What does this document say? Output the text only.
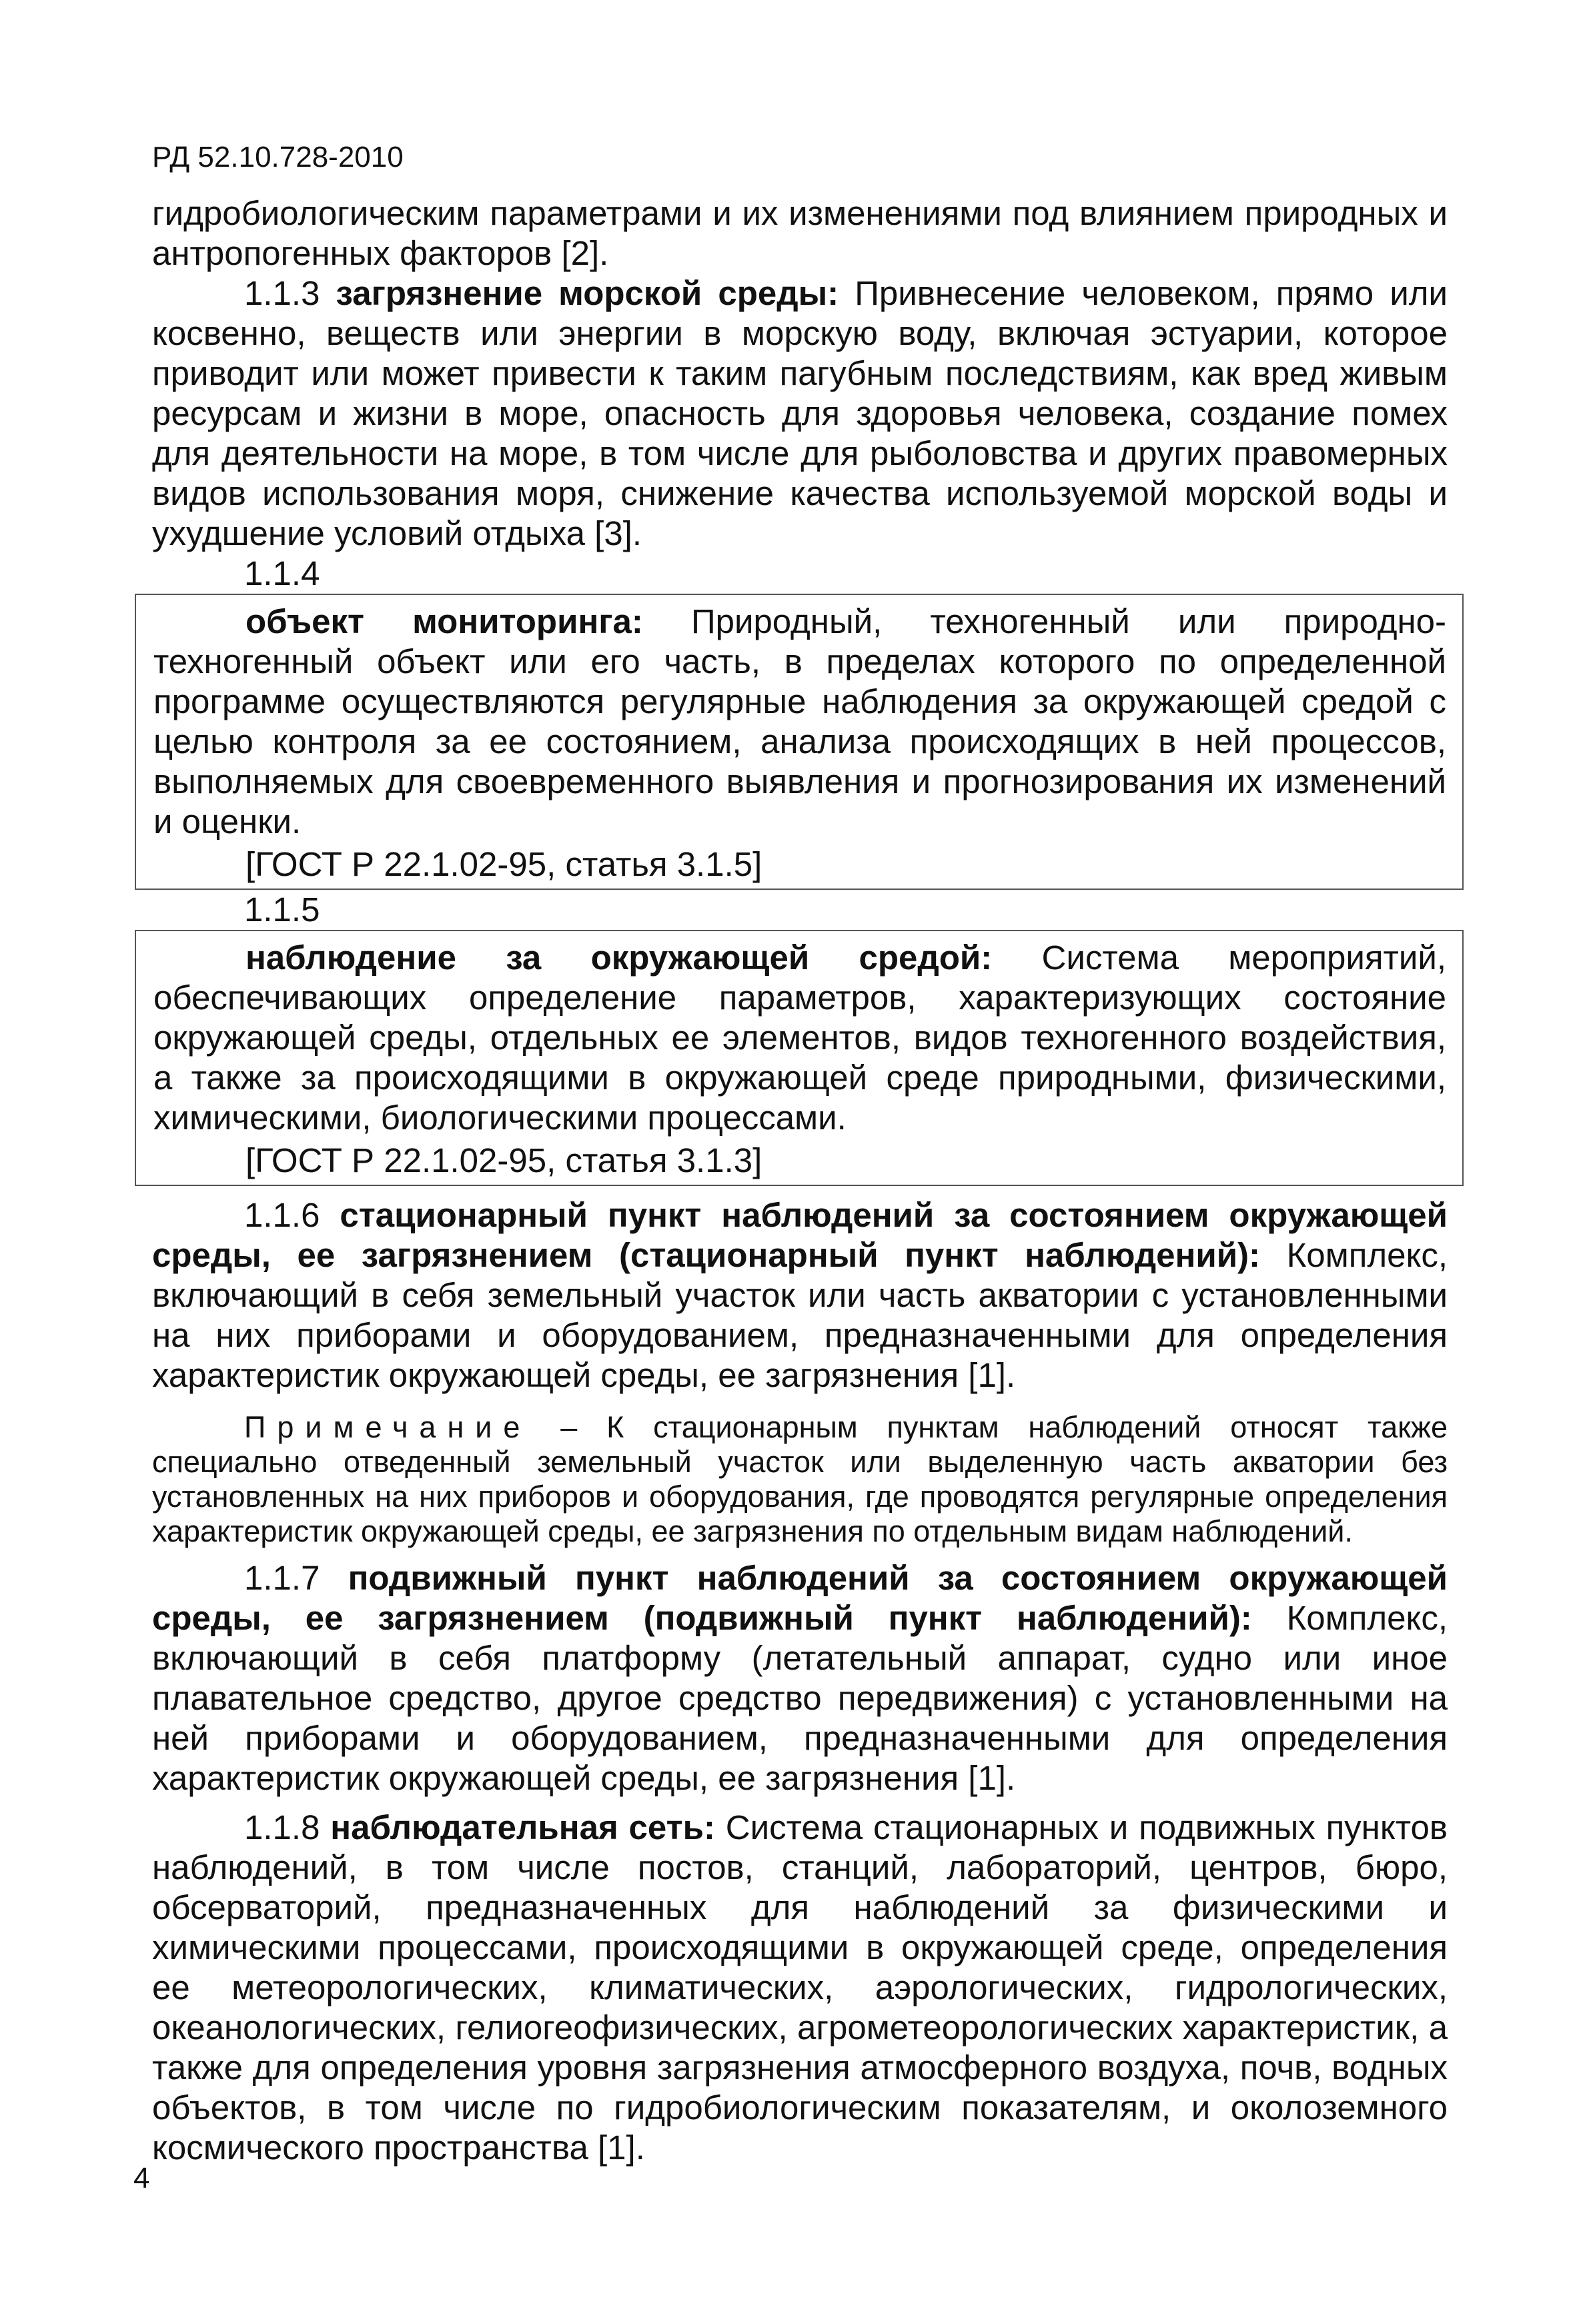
РД 52.10.728-2010

гидробиологическим параметрами и их изменениями под влиянием природных и антропогенных факторов [2].

1.1.3 загрязнение морской среды: Привнесение человеком, прямо или косвенно, веществ или энергии в морскую воду, включая эстуарии, которое приводит или может привести к таким пагубным последствиям, как вред живым ресурсам и жизни в море, опасность для здоровья человека, создание помех для деятельности на море, в том числе для рыболовства и других правомерных видов использования моря, снижение качества используемой морской воды и ухудшение условий отдыха [3].

1.1.4

объект мониторинга: Природный, техногенный или природно-техногенный объект или его часть, в пределах которого по определенной программе осуществляются регулярные наблюдения за окружающей средой с целью контроля за ее состоянием, анализа происходящих в ней процессов, выполняемых для своевременного выявления и прогнозирования их изменений и оценки.

[ГОСТ Р 22.1.02-95, статья 3.1.5]
1.1.5

наблюдение за окружающей средой: Система мероприятий, обеспечивающих определение параметров, характеризующих состояние окружающей среды, отдельных ее элементов, видов техногенного воздействия, а также за происходящими в окружающей среде природными, физическими, химическими, биологическими процессами.

[ГОСТ Р 22.1.02-95, статья 3.1.3]

1.1.6 стационарный пункт наблюдений за состоянием окружающей среды, ее загрязнением (стационарный пункт наблюдений): Комплекс, включающий в себя земельный участок или часть акватории с установленными на них приборами и оборудованием, предназначенными для определения характеристик окружающей среды, ее загрязнения [1].

Примечание – К стационарным пунктам наблюдений относят также специально отведенный земельный участок или выделенную часть акватории без установленных на них приборов и оборудования, где проводятся регулярные определения характеристик окружающей среды, ее загрязнения по отдельным видам наблюдений.

1.1.7 подвижный пункт наблюдений за состоянием окружающей среды, ее загрязнением (подвижный пункт наблюдений): Комплекс, включающий в себя платформу (летательный аппарат, судно или иное плавательное средство, другое средство передвижения) с установленными на ней приборами и оборудованием, предназначенными для определения характеристик окружающей среды, ее загрязнения [1].

1.1.8 наблюдательная сеть: Система стационарных и подвижных пунктов наблюдений, в том числе постов, станций, лабораторий, центров, бюро, обсерваторий, предназначенных для наблюдений за физическими и химическими процессами, происходящими в окружающей среде, определения ее метеорологических, климатических, аэрологических, гидрологических, океанологических, гелиогеофизических, агрометеорологических характеристик, а также для определения уровня загрязнения атмосферного воздуха, почв, водных объектов, в том числе по гидробиологическим показателям, и околоземного космического пространства [1].

4
